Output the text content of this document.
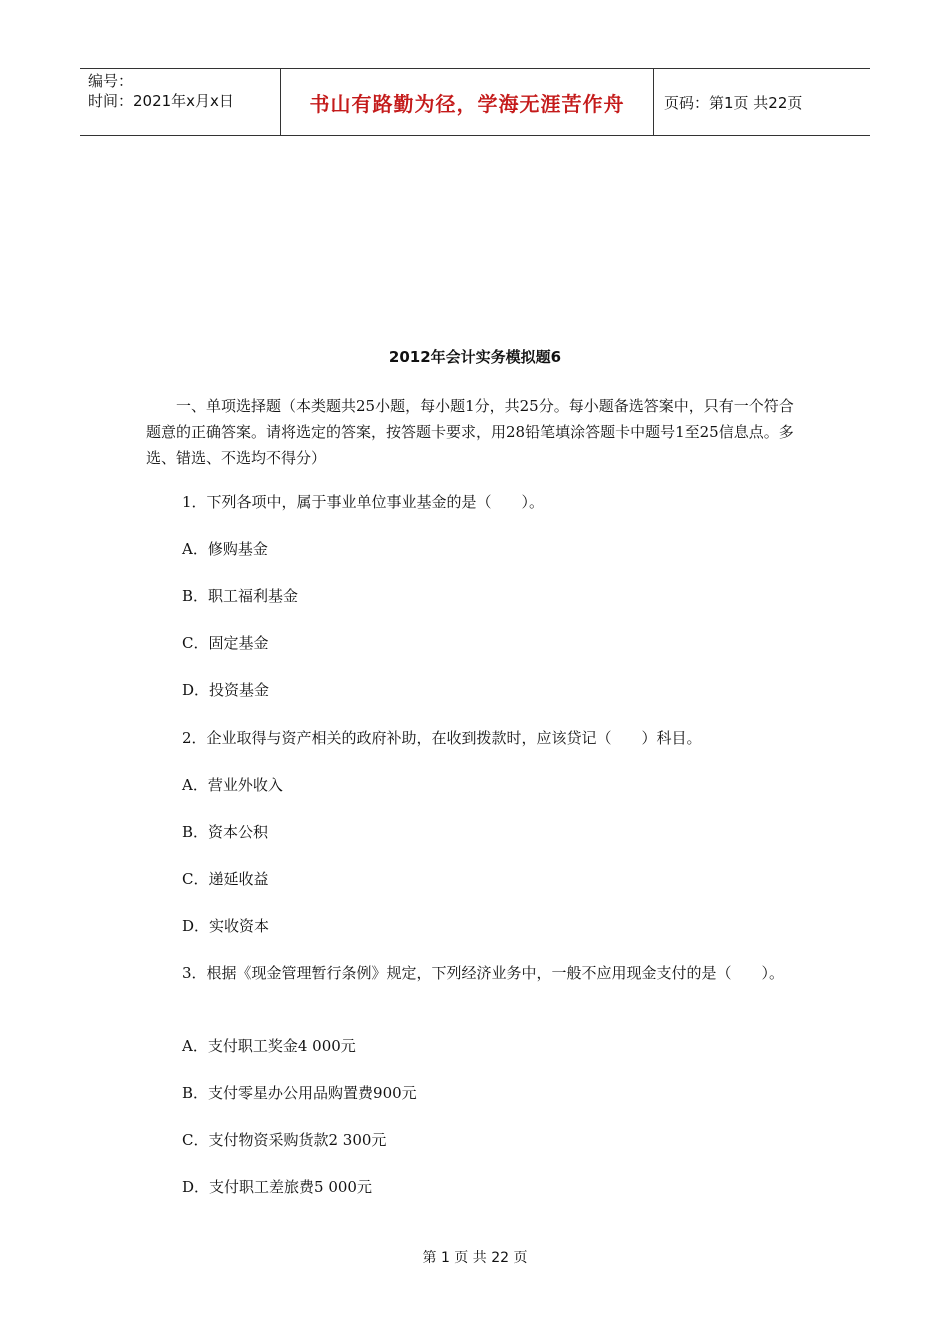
编号：
时间：2021年x月x日	书山有路勤为径，学海无涯苦作舟	页码：第1页 共22页
2012年会计实务模拟题6
一、单项选择题（本类题共25小题，每小题1分，共25分。每小题备选答案中，只有一个符合题意的正确答案。请将选定的答案，按答题卡要求，用28铅笔填涂答题卡中题号1至25信息点。多选、错选、不选均不得分）
1．下列各项中，属于事业单位事业基金的是（　　）。
A．修购基金
B．职工福利基金
C．固定基金
D．投资基金
2．企业取得与资产相关的政府补助，在收到拨款时，应该贷记（　　）科目。
A．营业外收入
B．资本公积
C．递延收益
D．实收资本
3．根据《现金管理暂行条例》规定，下列经济业务中，一般不应用现金支付的是（　　）。
A．支付职工奖金4 000元
B．支付零星办公用品购置费900元
C．支付物资采购货款2 300元
D．支付职工差旅费5 000元
第 1 页 共 22 页
